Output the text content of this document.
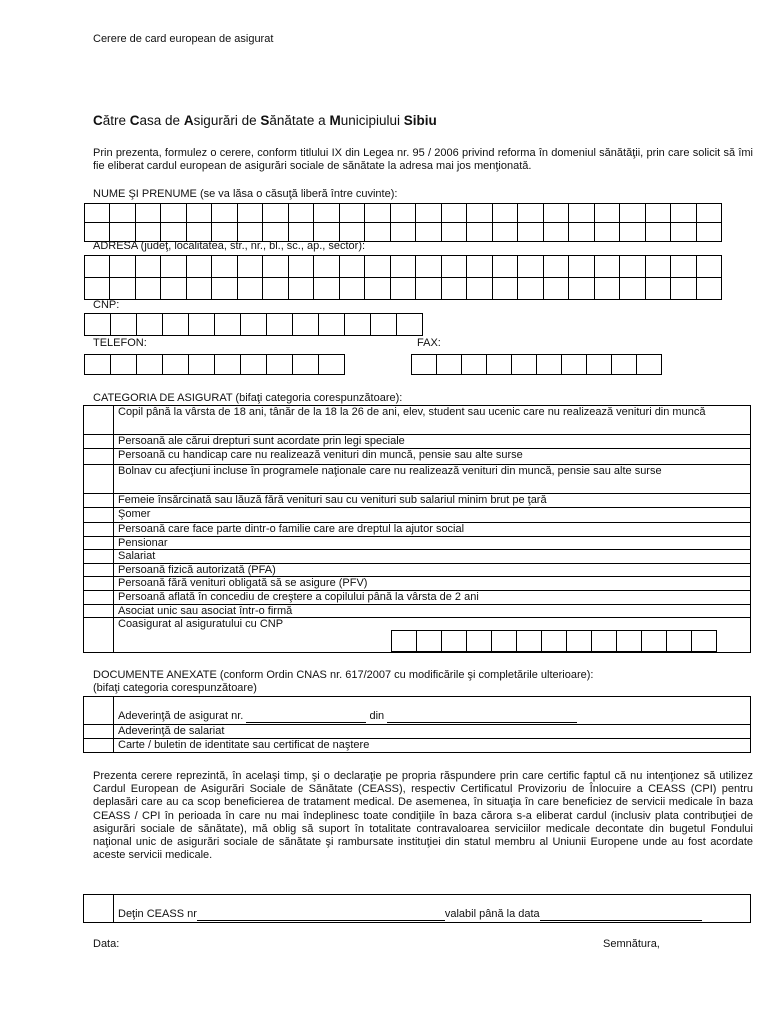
Cerere de card european de asigurat
Către Casa de Asigurări de Sănătate a Municipiului Sibiu
Prin prezenta, formulez o cerere, conform titlului IX din Legea nr. 95 / 2006 privind reforma în domeniul sănătăţii, prin care solicit să îmi fie eliberat cardul european de asigurări sociale de sănătate la adresa mai jos menţionată.
NUME ŞI PRENUME (se va lăsa o căsuţă liberă între cuvinte):
ADRESA (judeţ, localitatea, str., nr., bl., sc., ap., sector):
CNP:
TELEFON:	FAX:
CATEGORIA DE ASIGURAT (bifaţi categoria corespunzătoare):

	Copil până la vârsta de 18 ani, tânăr de la 18 la 26 de ani, elev, student sau ucenic care nu realizează venituri din muncă

	Persoană ale cărui drepturi sunt acordate prin legi speciale

	Persoană cu handicap care nu realizează venituri din muncă, pensie sau alte surse

	Bolnav cu afecţiuni incluse în programele naţionale care nu realizează venituri din muncă, pensie sau alte surse

	Femeie însărcinată sau lăuză fără venituri sau cu venituri sub salariul minim brut pe ţară

	Şomer

	Persoană care face parte dintr-o familie care are dreptul la ajutor social

	Pensionar

	Salariat

	Persoană fizică autorizată (PFA)

	Persoană fără venituri obligată să se asigure (PFV)

	Persoană aflată în concediu de creştere a copilului până la vârsta de 2 ani

	Asociat unic sau asociat într-o firmă

	Coasigurat al asiguratului cu CNP
DOCUMENTE ANEXATE (conform Ordin CNAS nr. 617/2007 cu modificările şi completările ulterioare):
(bifaţi categoria corespunzătoare)
	Adeverinţă de asigurat nr. din
	Adeverinţă de salariat
	Carte / buletin de identitate sau certificat de naştere
Prezenta cerere reprezintă, în acelaşi timp, şi o declaraţie pe propria răspundere prin care certific faptul că nu intenţionez să utilizez Cardul European de Asigurări Sociale de Sănătate (CEASS), respectiv Certificatul Provizoriu de Înlocuire a CEASS (CPI) pentru deplasări care au ca scop beneficierea de tratament medical. De asemenea, în situaţia în care beneficiez de servicii medicale în baza CEASS / CPI în perioada în care nu mai îndeplinesc toate condiţiile în baza cărora s-a eliberat cardul (inclusiv plata contribuţiei de asigurări sociale de sănătate), mă oblig să suport în totalitate contravaloarea serviciilor medicale decontate din bugetul Fondului naţional unic de asigurări sociale de sănătate şi rambursate instituţiei din statul membru al Uniunii Europene unde au fost acordate aceste servicii medicale.
	Deţin CEASS nr	valabil până la data
Data:	Semnătura,
